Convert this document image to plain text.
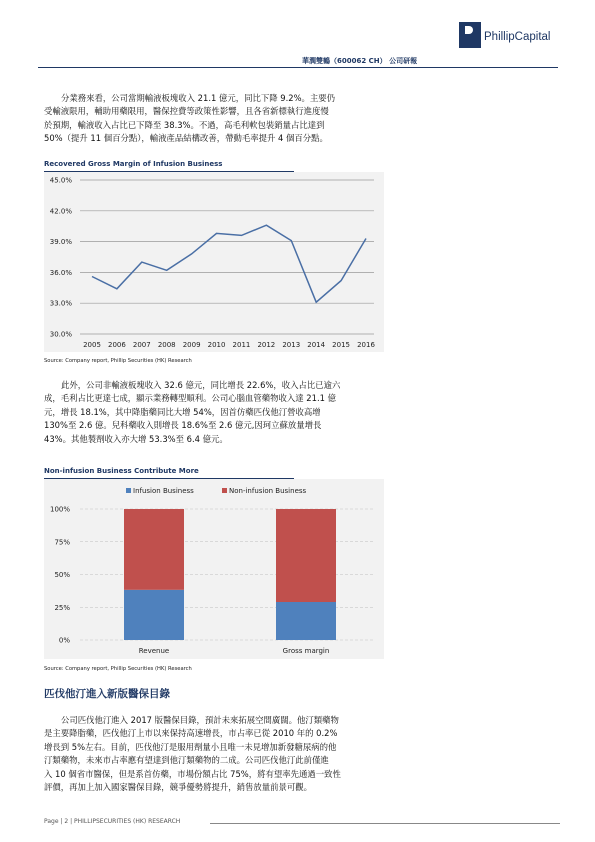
PhillipCapital
華潤雙鶴（600062 CH） 公司研報
分業務來看，公司當期輸液板塊收入 21.1 億元，同比下降 9.2%。主要仍
受輸液限用，輔助用藥限用，醫保控費等政策性影響，且各省新標執行進度慢
於預期，輸液收入占比已下降至 38.3%。不過，高毛利軟包裝銷量占比達到
50%（提升 11 個百分點），輸液產品結構改善，帶動毛率提升 4 個百分點。
Recovered Gross Margin of Infusion Business
45.0%
42.0%
39.0%
36.0%
33.0%
30.0%
2005 2006 2007 2008 2009 2010 2011 2012 2013 2014 2015 2016
Source: Company report, Phillip Securities (HK) Research
此外，公司非輸液板塊收入 32.6 億元，同比增長 22.6%，收入占比已逾六
成，毛利占比更達七成，顯示業務轉型順利。公司心腦血管藥物收入達 21.1 億
元，增長 18.1%，其中降脂藥同比大增 54%，因首仿藥匹伐他汀營收高增
130%至 2.6 億。兒科藥收入則增長 18.6%至 2.6 億元,因珂立蘇放量增長
43%。其他製劑收入亦大增 53.3%至 6.4 億元。
Non-infusion Business Contribute More
100%
75%
50%
25%
0%
Infusion Business	Non-infusion Business
Revenue	Gross margin
Source: Company report, Phillip Securities (HK) Research
匹伐他汀進入新版醫保目錄
公司匹伐他汀進入 2017 版醫保目錄，預計未來拓展空間廣闊。他汀類藥物
是主要降脂藥，匹伐他汀上市以來保持高速增長，市占率已從 2010 年的 0.2%
增長到 5%左右。目前，匹伐他汀是服用劑量小且唯一未見增加新發糖尿病的他
汀類藥物，未來市占率應有望達到他汀類藥物的二成。公司匹伐他汀此前僅進
入 10 個省市醫保，但是系首仿藥，市場份額占比 75%，將有望率先通過一致性
評價，再加上加入國家醫保目錄，競爭優勢將提升，銷售放量前景可觀。
Page | 2 | PHILLIPSECURITIES (HK) RESEARCH
